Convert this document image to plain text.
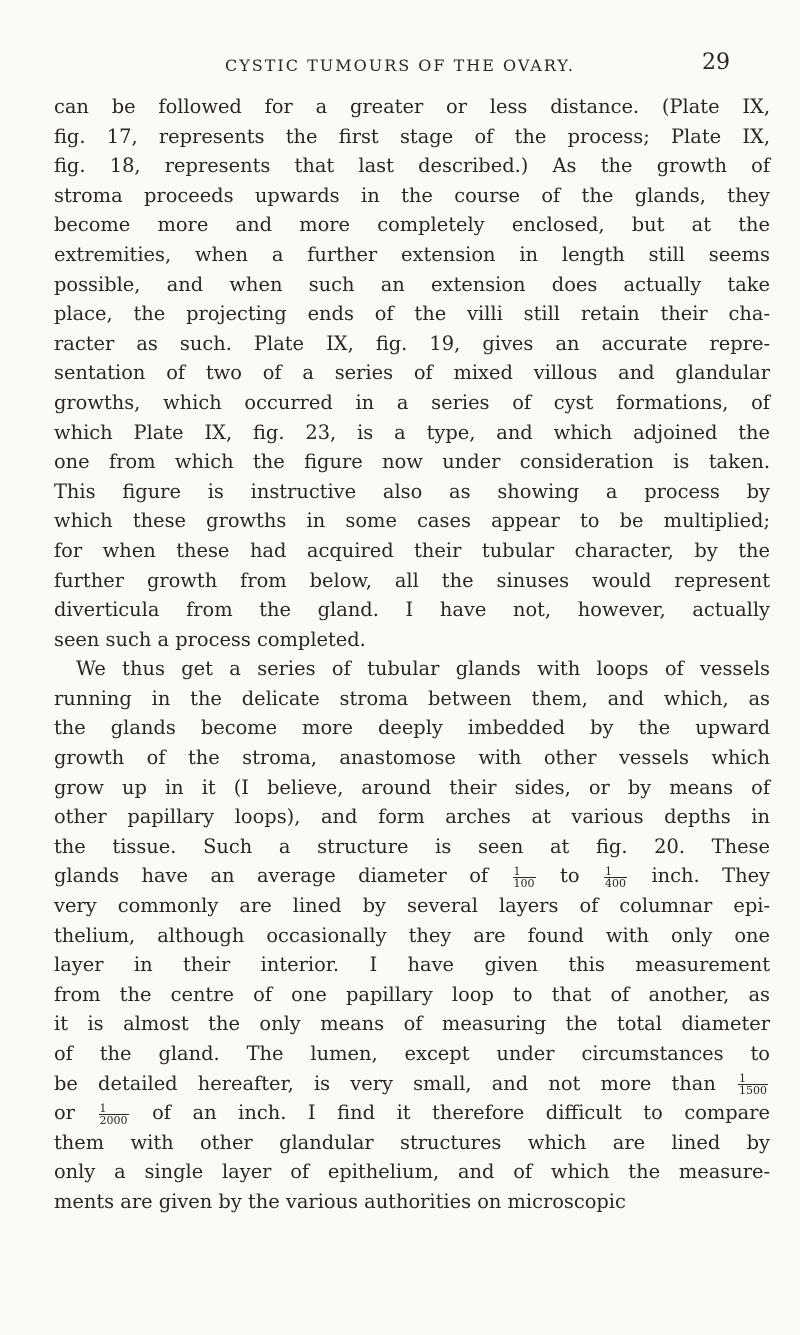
CYSTIC TUMOURS OF THE OVARY.	29
can be followed for a greater or less distance. (Plate IX,
fig. 17, represents the first stage of the process; Plate IX,
fig. 18, represents that last described.) As the growth of
stroma proceeds upwards in the course of the glands, they
become more and more completely enclosed, but at the
extremities, when a further extension in length still seems
possible, and when such an extension does actually take
place, the projecting ends of the villi still retain their cha-
racter as such. Plate IX, fig. 19, gives an accurate repre-
sentation of two of a series of mixed villous and glandular
growths, which occurred in a series of cyst formations, of
which Plate IX, fig. 23, is a type, and which adjoined the
one from which the figure now under consideration is taken.
This figure is instructive also as showing a process by
which these growths in some cases appear to be multiplied;
for when these had acquired their tubular character, by the
further growth from below, all the sinuses would represent
diverticula from the gland. I have not, however, actually
seen such a process completed.
We thus get a series of tubular glands with loops of vessels
running in the delicate stroma between them, and which, as
the glands become more deeply imbedded by the upward
growth of the stroma, anastomose with other vessels which
grow up in it (I believe, around their sides, or by means of
other papillary loops), and form arches at various depths in
the tissue. Such a structure is seen at fig. 20. These
glands have an average diameter of $\frac{1}{100}$ to $\frac{1}{400}$ inch. They
very commonly are lined by several layers of columnar epi-
thelium, although occasionally they are found with only one
layer in their interior. I have given this measurement
from the centre of one papillary loop to that of another, as
it is almost the only means of measuring the total diameter
of the gland. The lumen, except under circumstances to
be detailed hereafter, is very small, and not more than $\frac{1}{1500}$
or $\frac{1}{2000}$ of an inch. I find it therefore difficult to compare
them with other glandular structures which are lined by
only a single layer of epithelium, and of which the measure-
ments are given by the various authorities on microscopic
